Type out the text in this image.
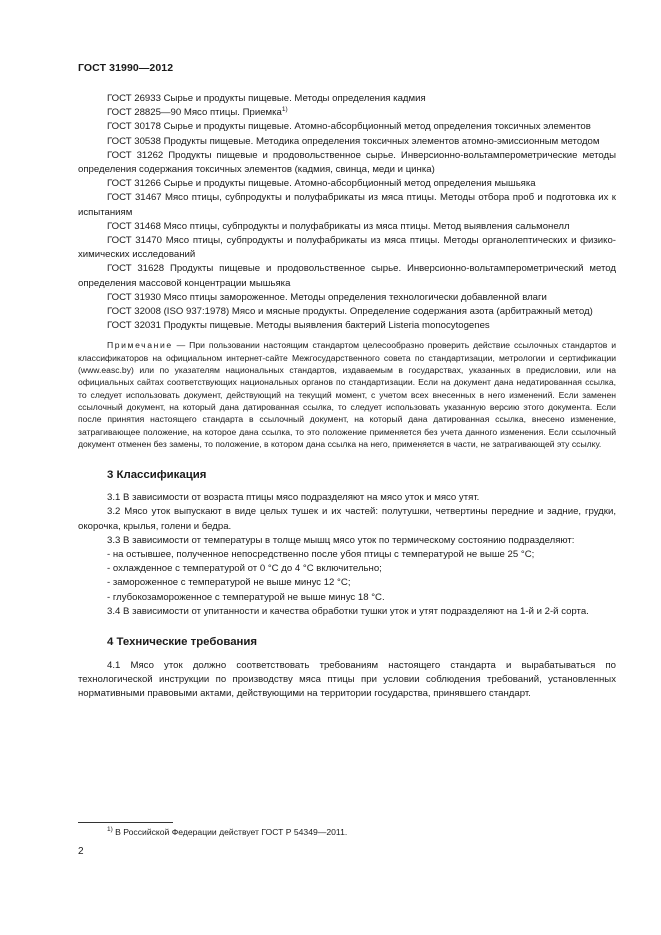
ГОСТ 31990—2012

ГОСТ 26933 Сырье и продукты пищевые. Методы определения кадмия

ГОСТ 28825—90 Мясо птицы. Приемка$^{1)}$

ГОСТ 30178 Сырье и продукты пищевые. Атомно-абсорбционный метод определения токсичных элементов

ГОСТ 30538 Продукты пищевые. Методика определения токсичных элементов атомно-эмиссионным методом

ГОСТ 31262 Продукты пищевые и продовольственное сырье. Инверсионно-вольтамперометрические методы определения содержания токсичных элементов (кадмия, свинца, меди и цинка)

ГОСТ 31266 Сырье и продукты пищевые. Атомно-абсорбционный метод определения мышьяка

ГОСТ 31467 Мясо птицы, субпродукты и полуфабрикаты из мяса птицы. Методы отбора проб и подготовка их к испытаниям

ГОСТ 31468 Мясо птицы, субпродукты и полуфабрикаты из мяса птицы. Метод выявления сальмонелл

ГОСТ 31470 Мясо птицы, субпродукты и полуфабрикаты из мяса птицы. Методы органолептических и физико-химических исследований

ГОСТ 31628 Продукты пищевые и продовольственное сырье. Инверсионно-вольтамперометрический метод определения массовой концентрации мышьяка

ГОСТ 31930 Мясо птицы замороженное. Методы определения технологически добавленной влаги

ГОСТ 32008 (ISO 937:1978) Мясо и мясные продукты. Определение содержания азота (арбитражный метод)

ГОСТ 32031 Продукты пищевые. Методы выявления бактерий Listeria monocytogenes

Примечание — При пользовании настоящим стандартом целесообразно проверить действие ссылочных стандартов и классификаторов на официальном интернет-сайте Межгосударственного совета по стандартизации, метрологии и сертификации (www.easc.by) или по указателям национальных стандартов, издаваемым в государствах, указанных в предисловии, или на официальных сайтах соответствующих национальных органов по стандартизации. Если на документ дана недатированная ссылка, то следует использовать документ, действующий на текущий момент, с учетом всех внесенных в него изменений. Если заменен ссылочный документ, на который дана датированная ссылка, то следует использовать указанную версию этого документа. Если после принятия настоящего стандарта в ссылочный документ, на который дана датированная ссылка, внесено изменение, затрагивающее положение, на которое дана ссылка, то это положение применяется без учета данного изменения. Если ссылочный документ отменен без замены, то положение, в котором дана ссылка на него, применяется в части, не затрагивающей эту ссылку.

3 Классификация

3.1 В зависимости от возраста птицы мясо подразделяют на мясо уток и мясо утят.

3.2 Мясо уток выпускают в виде целых тушек и их частей: полутушки, четвертины передние и задние, грудки, окорочка, крылья, голени и бедра.

3.3 В зависимости от температуры в толще мышц мясо уток по термическому состоянию подразделяют:

- на остывшее, полученное непосредственно после убоя птицы с температурой не выше 25 °С;

- охлажденное с температурой от 0 °С до 4 °С включительно;

- замороженное с температурой не выше минус 12 °С;

- глубокозамороженное с температурой не выше минус 18 °С.

3.4 В зависимости от упитанности и качества обработки тушки уток и утят подразделяют на 1-й и 2-й сорта.

4 Технические требования

4.1 Мясо уток должно соответствовать требованиям настоящего стандарта и вырабатываться по технологической инструкции по производству мяса птицы при условии соблюдения требований, установленных нормативными правовыми актами, действующими на территории государства, принявшего стандарт.

$^{1)}$ В Российской Федерации действует ГОСТ Р 54349—2011.
2
